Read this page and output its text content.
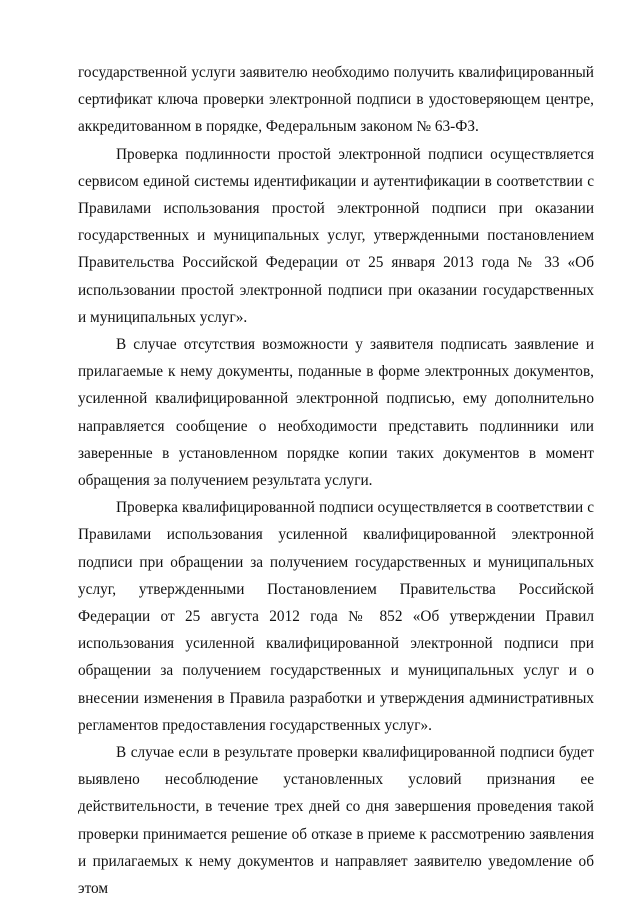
государственной услуги заявителю необходимо получить квалифицированный сертификат ключа проверки электронной подписи в удостоверяющем центре, аккредитованном в порядке, Федеральным законом № 63-ФЗ.

Проверка подлинности простой электронной подписи осуществляется сервисом единой системы идентификации и аутентификации в соответствии с Правилами использования простой электронной подписи при оказании государственных и муниципальных услуг, утвержденными постановлением Правительства Российской Федерации от 25 января 2013 года № 33 «Об использовании простой электронной подписи при оказании государственных и муниципальных услуг».

В случае отсутствия возможности у заявителя подписать заявление и прилагаемые к нему документы, поданные в форме электронных документов, усиленной квалифицированной электронной подписью, ему дополнительно направляется сообщение о необходимости представить подлинники или заверенные в установленном порядке копии таких документов в момент обращения за получением результата услуги.

Проверка квалифицированной подписи осуществляется в соответствии с Правилами использования усиленной квалифицированной электронной подписи при обращении за получением государственных и муниципальных услуг, утвержденными Постановлением Правительства Российской Федерации от 25 августа 2012 года № 852 «Об утверждении Правил использования усиленной квалифицированной электронной подписи при обращении за получением государственных и муниципальных услуг и о внесении изменения в Правила разработки и утверждения административных регламентов предоставления государственных услуг».

В случае если в результате проверки квалифицированной подписи будет выявлено несоблюдение установленных условий признания ее действительности, в течение трех дней со дня завершения проведения такой проверки принимается решение об отказе в приеме к рассмотрению заявления и прилагаемых к нему документов и направляет заявителю уведомление об этом
